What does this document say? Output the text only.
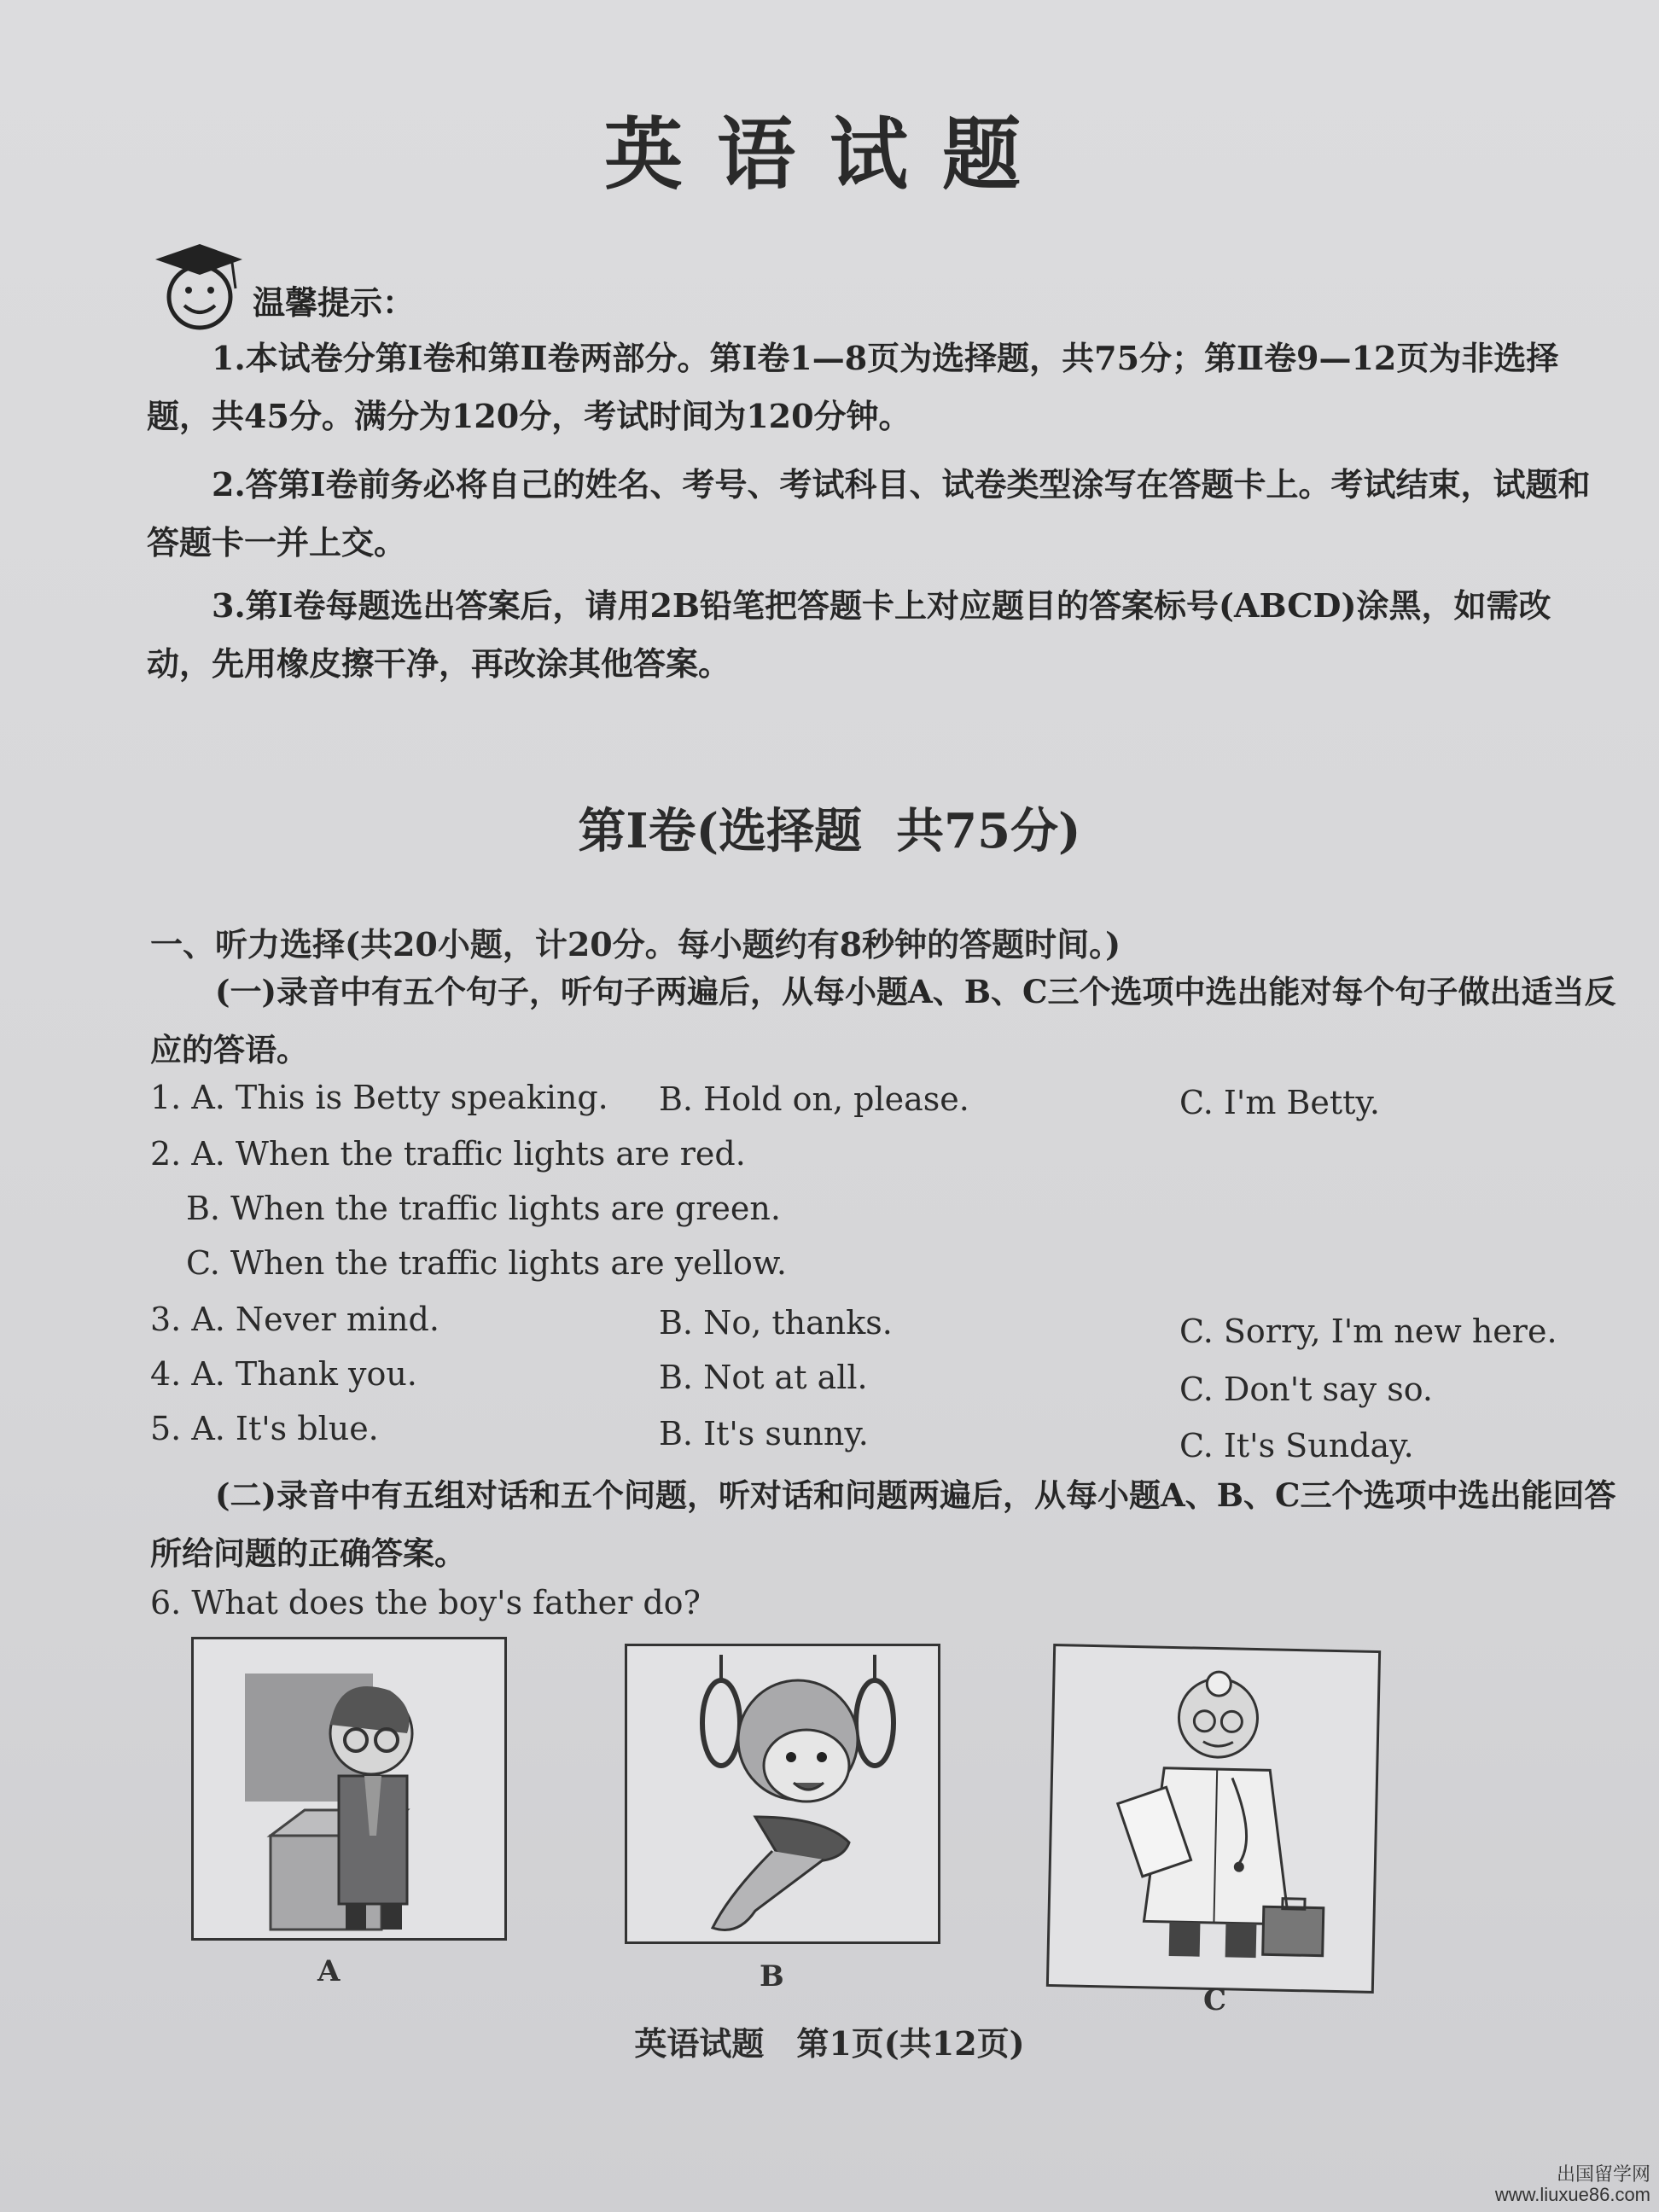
英语试题
温馨提示：
1.本试卷分第Ⅰ卷和第Ⅱ卷两部分。第Ⅰ卷1—8页为选择题，共75分；第Ⅱ卷9—12页为非选择题，共45分。满分为120分，考试时间为120分钟。
2.答第Ⅰ卷前务必将自己的姓名、考号、考试科目、试卷类型涂写在答题卡上。考试结束，试题和答题卡一并上交。
3.第Ⅰ卷每题选出答案后，请用2B铅笔把答题卡上对应题目的答案标号(ABCD)涂黑，如需改动，先用橡皮擦干净，再改涂其他答案。
第Ⅰ卷(选择题 共75分)
一、听力选择(共20小题，计20分。每小题约有8秒钟的答题时间。)
(一)录音中有五个句子，听句子两遍后，从每小题A、B、C三个选项中选出能对每个句子做出适当反应的答语。
1. A. This is Betty speaking. B. Hold on, please.	C. I'm Betty.
2. A. When the traffic lights are red.
B. When the traffic lights are green.
C. When the traffic lights are yellow.
3. A. Never mind.	B. No, thanks.	C. Sorry, I'm new here.
4. A. Thank you.	B. Not at all.	C. Don't say so.
5. A. It's blue.	B. It's sunny.	C. It's Sunday.
(二)录音中有五组对话和五个问题，听对话和问题两遍后，从每小题A、B、C三个选项中选出能回答所给问题的正确答案。
6. What does the boy's father do?
A	B
C
英语试题　第1页(共12页)
出国留学网
www.liuxue86.com
